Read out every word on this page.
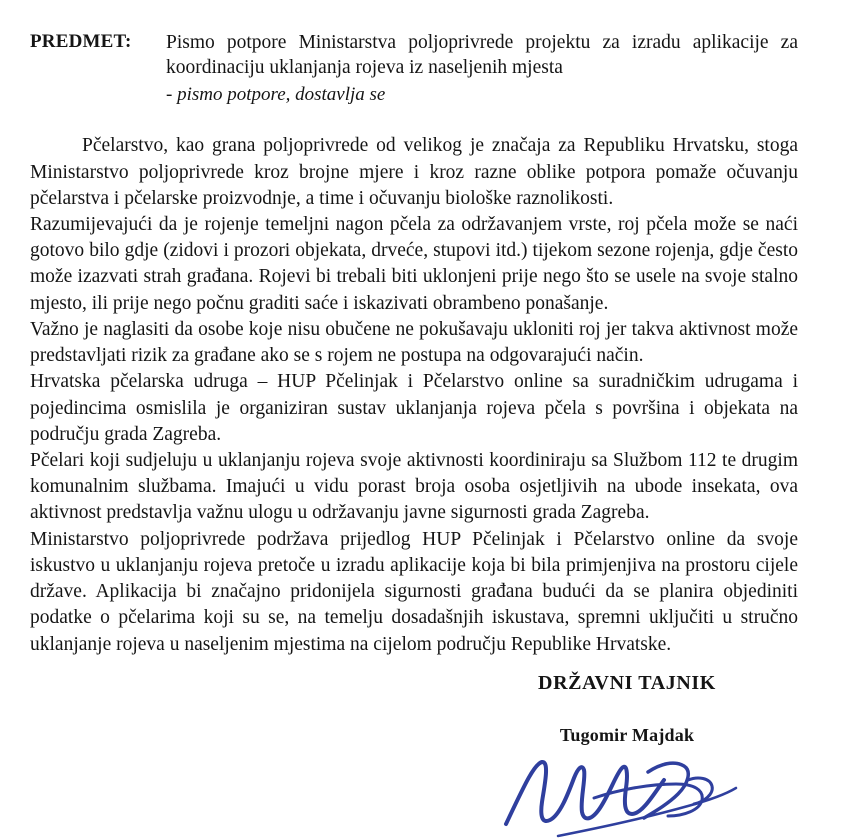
PREDMET:	Pismo potpore Ministarstva poljoprivrede projektu za izradu aplikacije za koordinaciju uklanjanja rojeva iz naseljenih mjesta
- pismo potpore, dostavlja se

Pčelarstvo, kao grana poljoprivrede od velikog je značaja za Republiku Hrvatsku, stoga Ministarstvo poljoprivrede kroz brojne mjere i kroz razne oblike potpora pomaže očuvanju pčelarstva i pčelarske proizvodnje, a time i očuvanju biološke raznolikosti.

Razumijevajući da je rojenje temeljni nagon pčela za održavanjem vrste, roj pčela može se naći gotovo bilo gdje (zidovi i prozori objekata, drveće, stupovi itd.) tijekom sezone rojenja, gdje često može izazvati strah građana. Rojevi bi trebali biti uklonjeni prije nego što se usele na svoje stalno mjesto, ili prije nego počnu graditi saće i iskazivati obrambeno ponašanje.

Važno je naglasiti da osobe koje nisu obučene ne pokušavaju ukloniti roj jer takva aktivnost može predstavljati rizik za građane ako se s rojem ne postupa na odgovarajući način.

Hrvatska pčelarska udruga – HUP Pčelinjak i Pčelarstvo online sa suradničkim udrugama i pojedincima osmislila je organiziran sustav uklanjanja rojeva pčela s površina i objekata na području grada Zagreba.

Pčelari koji sudjeluju u uklanjanju rojeva svoje aktivnosti koordiniraju sa Službom 112 te drugim komunalnim službama. Imajući u vidu porast broja osoba osjetljivih na ubode insekata, ova aktivnost predstavlja važnu ulogu u održavanju javne sigurnosti grada Zagreba.

Ministarstvo poljoprivrede podržava prijedlog HUP Pčelinjak i Pčelarstvo online da svoje iskustvo u uklanjanju rojeva pretoče u izradu aplikacije koja bi bila primjenjiva na prostoru cijele države. Aplikacija bi značajno pridonijela sigurnosti građana budući da se planira objediniti podatke o pčelarima koji su se, na temelju dosadašnjih iskustava, spremni uključiti u stručno uklanjanje rojeva u naseljenim mjestima na cijelom području Republike Hrvatske.

DRŽAVNI TAJNIK
Tugomir Majdak
